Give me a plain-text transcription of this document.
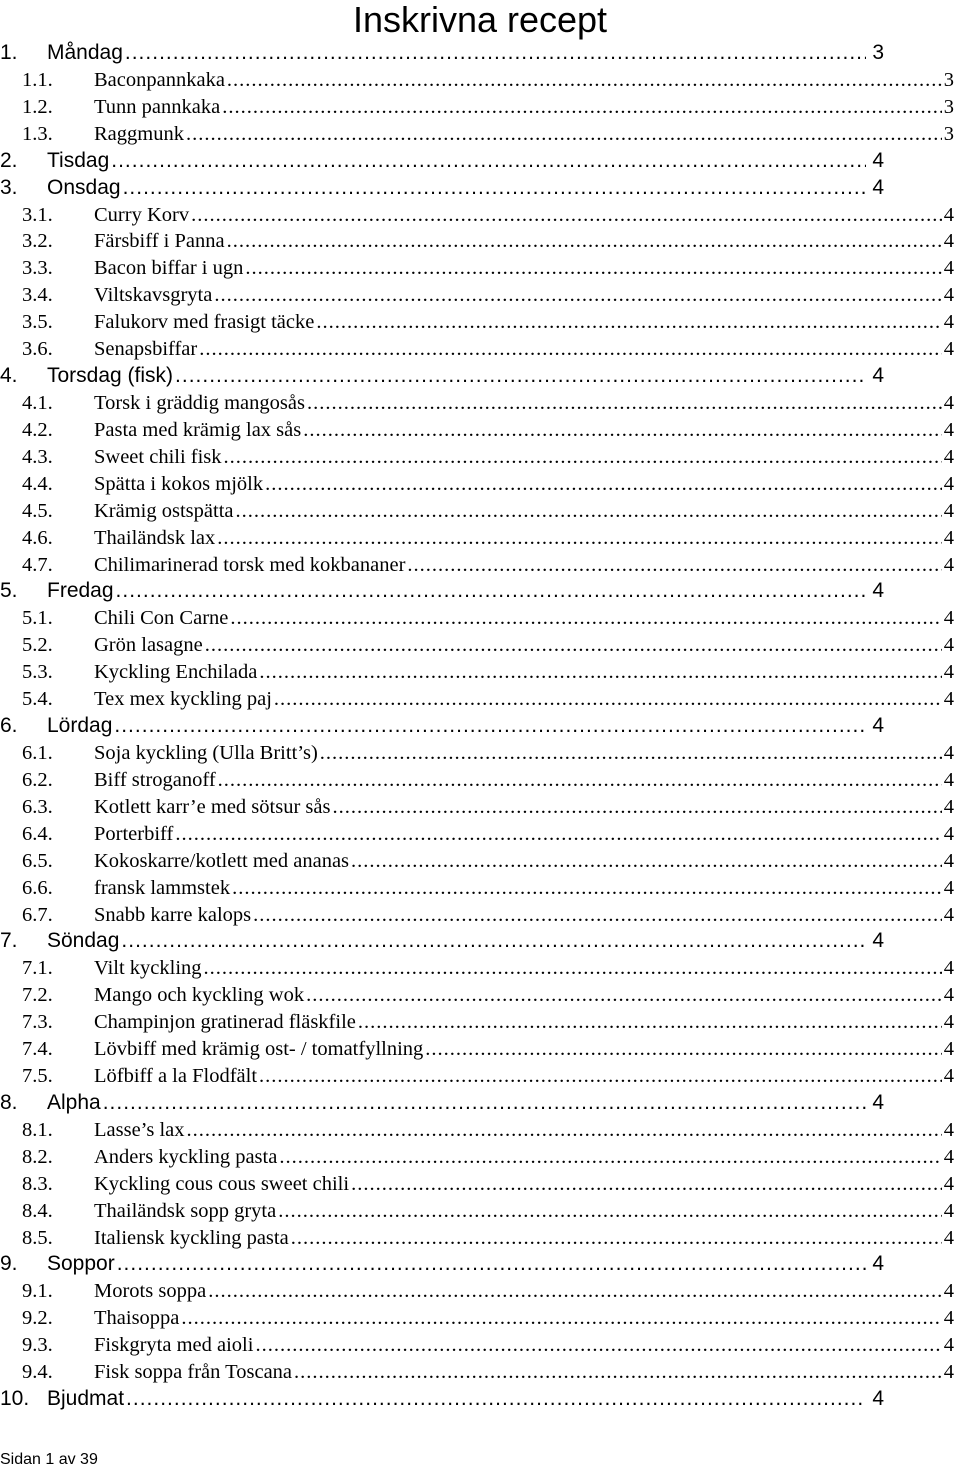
Inskrivna recept
1.	Måndag .....	3
1.1.	Baconpannkaka .....	3
1.2.	Tunn pannkaka .....	3
1.3.	Raggmunk .....	3
2.	Tisdag .....	4
3.	Onsdag .....	4
3.1.	Curry Korv .....	4
3.2.	Färsbiff i Panna .....	4
3.3.	Bacon biffar i ugn .....	4
3.4.	Viltskavsgryta .....	4
3.5.	Falukorv med frasigt täcke .....	4
3.6.	Senapsbiffar .....	4
4.	Torsdag (fisk) .....	4
4.1.	Torsk i gräddig mangosås .....	4
4.2.	Pasta med krämig lax sås .....	4
4.3.	Sweet chili fisk .....	4
4.4.	Spätta i kokos mjölk .....	4
4.5.	Krämig ostspätta .....	4
4.6.	Thailändsk lax .....	4
4.7.	Chilimarinerad torsk med kokbananer .....	4
5.	Fredag .....	4
5.1.	Chili Con Carne .....	4
5.2.	Grön lasagne .....	4
5.3.	Kyckling Enchilada .....	4
5.4.	Tex mex kyckling paj .....	4
6.	Lördag .....	4
6.1.	Soja kyckling (Ulla Britt’s) .....	4
6.2.	Biff stroganoff .....	4
6.3.	Kotlett karr’e med sötsur sås .....	4
6.4.	Porterbiff .....	4
6.5.	Kokoskarre/kotlett med ananas .....	4
6.6.	fransk lammstek .....	4
6.7.	Snabb karre kalops .....	4
7.	Söndag .....	4
7.1.	Vilt kyckling .....	4
7.2.	Mango och kyckling wok .....	4
7.3.	Champinjon gratinerad fläskfile .....	4
7.4.	Lövbiff med krämig ost- / tomatfyllning .....	4
7.5.	Löfbiff a la Flodfält .....	4
8.	Alpha .....	4
8.1.	Lasse’s lax .....	4
8.2.	Anders kyckling pasta .....	4
8.3.	Kyckling cous cous sweet chili .....	4
8.4.	Thailändsk sopp gryta .....	4
8.5.	Italiensk kyckling pasta .....	4
9.	Soppor .....	4
9.1.	Morots soppa .....	4
9.2.	Thaisoppa .....	4
9.3.	Fiskgryta med aioli .....	4
9.4.	Fisk soppa från Toscana .....	4
10. Bjudmat .....	4
Sidan 1 av 39
